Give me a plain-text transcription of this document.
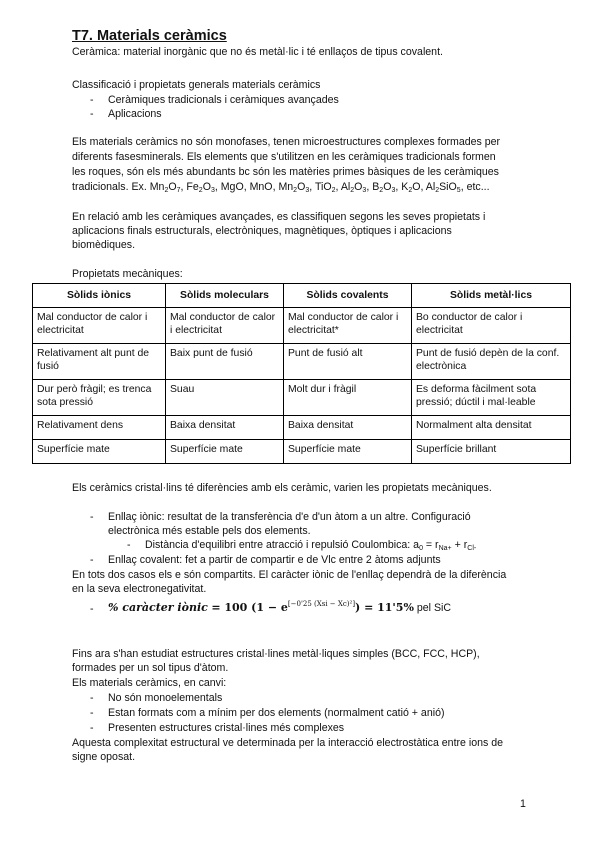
T7. Materials ceràmics
Ceràmica: material inorgànic que no és metàl·lic i té enllaços de tipus covalent.
Classificació i propietats generals materials ceràmics
- Ceràmiques tradicionals i ceràmiques avançades
- Aplicacions
Els materials ceràmics no són monofases, tenen microestructures complexes formades per
diferents fasesminerals. Els elements que s'utilitzen en les ceràmiques tradicionals formen
les roques, són els més abundants bc són les matèries primes bàsiques de les ceràmiques
tradicionals. Ex. $Mn_2O_7$, $Fe_2O_3$, MgO, MnO, $Mn_2O_3$, TiO$_2$, $Al_2O_3$, $B_2O_3$, $K_2O$, $Al_2SiO_5$, etc...
En relació amb les ceràmiques avançades, es classifiquen segons les seves propietats i
aplicacions finals estructurals, electròniques, magnètiques, òptiques i aplicacions
biomèdiques.
Propietats mecàniques:
Sòlids iònics	Sòlids moleculars	Sòlids covalents	Sòlids metàl·lics
Mal conductor de calor i electricitat	Mal conductor de calor i electricitat	Mal conductor de calor i electricitat*	Bo conductor de calor i electricitat
Relativament alt punt de fusió	Baix punt de fusió	Punt de fusió alt	Punt de fusió depèn de la conf. electrònica
Dur però fràgil; es trenca sota pressió	Suau	Molt dur i fràgil	Es deforma fàcilment sota pressió; dúctil i mal·leable
Relativament dens	Baixa densitat	Baixa densitat	Normalment alta densitat
Superfície mate	Superfície mate	Superfície mate	Superfície brillant
Els ceràmics cristal·lins té diferències amb els ceràmic, varien les propietats mecàniques.
- Enllaç iònic: resultat de la transferència d'e d'un àtom a un altre. Configuració
electrònica més estable pels dos elements.
- Distància d'equilibri entre atracció i repulsió Coulombica: $a_0 = r_{Na+} + r_{Cl-}$
- Enllaç covalent: fet a partir de compartir e de Vlc entre 2 àtoms adjunts
En tots dos casos els e són compartits. El caràcter iònic de l'enllaç dependrà de la diferència
en la seva electronegativitat.
- % caràcter iònic = 100 (1 − e[−0'25 (Xsi − Xc)²]) = 11'5% pel SiC
Fins ara s'han estudiat estructures cristal·lines metàl·liques simples (BCC, FCC, HCP),
formades per un sol tipus d'àtom.
Els materials ceràmics, en canvi:
- No són monoelementals
- Estan formats com a mínim per dos elements (normalment catió + anió)
- Presenten estructures cristal·lines més complexes
Aquesta complexitat estructural ve determinada per la interacció electrostàtica entre ions de
signe oposat.
1
